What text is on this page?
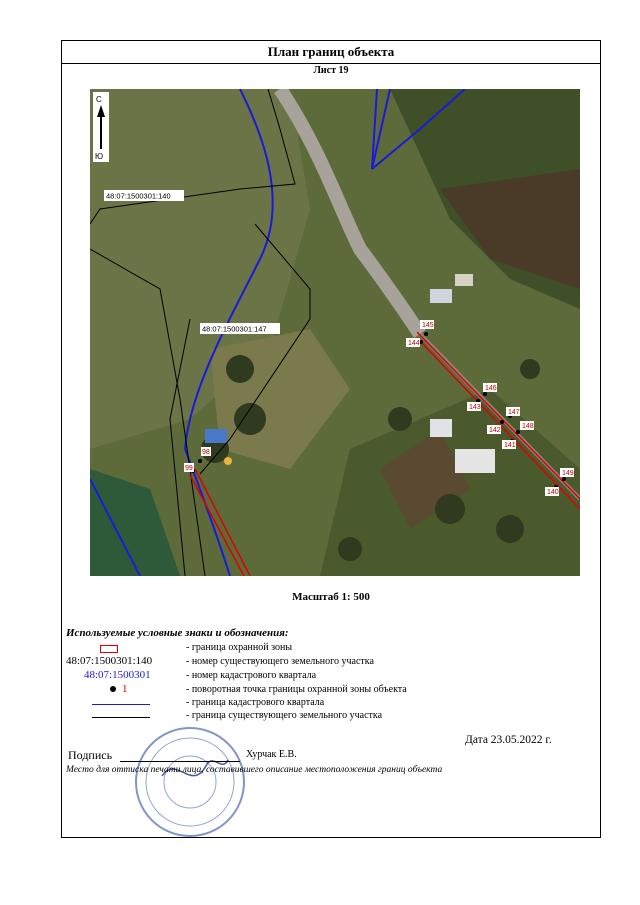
План границ объекта
Лист 19
145
144
146
143
147
142
148
141
149
140
98
99
48:07:1500301:140
48:07:1500301:147
С
Ю
Масштаб 1: 500
Используемые условные знаки и обозначения:
- граница охранной зоны
48:07:1500301:140	- номер существующего земельного участка
48:07:1500301	- номер кадастрового квартала
1	- поворотная точка границы охранной зоны объекта
- граница кадастрового квартала
- граница существующего земельного участка
Дата 23.05.2022 г.
Подпись	Хурчак Е.В.
Место для оттиска печати лица, составившего описание местоположения границ объекта
